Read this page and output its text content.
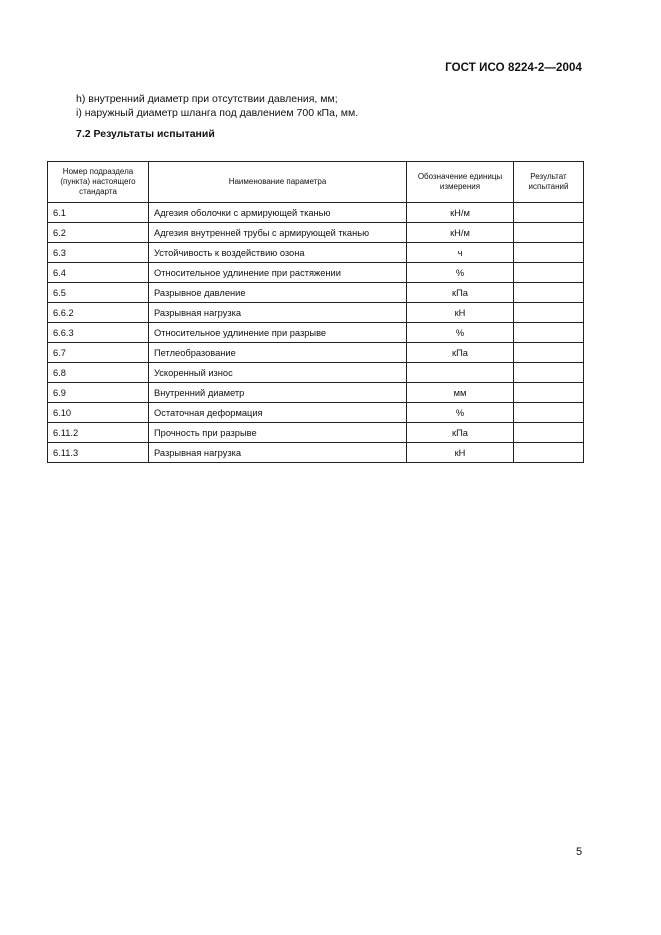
ГОСТ ИСО 8224-2—2004
h) внутренний диаметр при отсутствии давления, мм;
i) наружный диаметр шланга под давлением 700 кПа, мм.
7.2 Результаты испытаний
Номер подраздела (пункта) настоящего стандарта	Наименование параметра	Обозначение единицы измерения	Результат испытаний
6.1	Адгезия оболочки с армирующей тканью	кН/м	
6.2	Адгезия внутренней трубы с армирующей тканью	кН/м	
6.3	Устойчивость к воздействию озона	ч	
6.4	Относительное удлинение при растяжении	%	
6.5	Разрывное давление	кПа	
6.6.2	Разрывная нагрузка	кН	
6.6.3	Относительное удлинение при разрыве	%	
6.7	Петлеобразование	кПа	
6.8	Ускоренный износ		
6.9	Внутренний диаметр	мм	
6.10	Остаточная деформация	%	
6.11.2	Прочность при разрыве	кПа	
6.11.3	Разрывная нагрузка	кН	
5
